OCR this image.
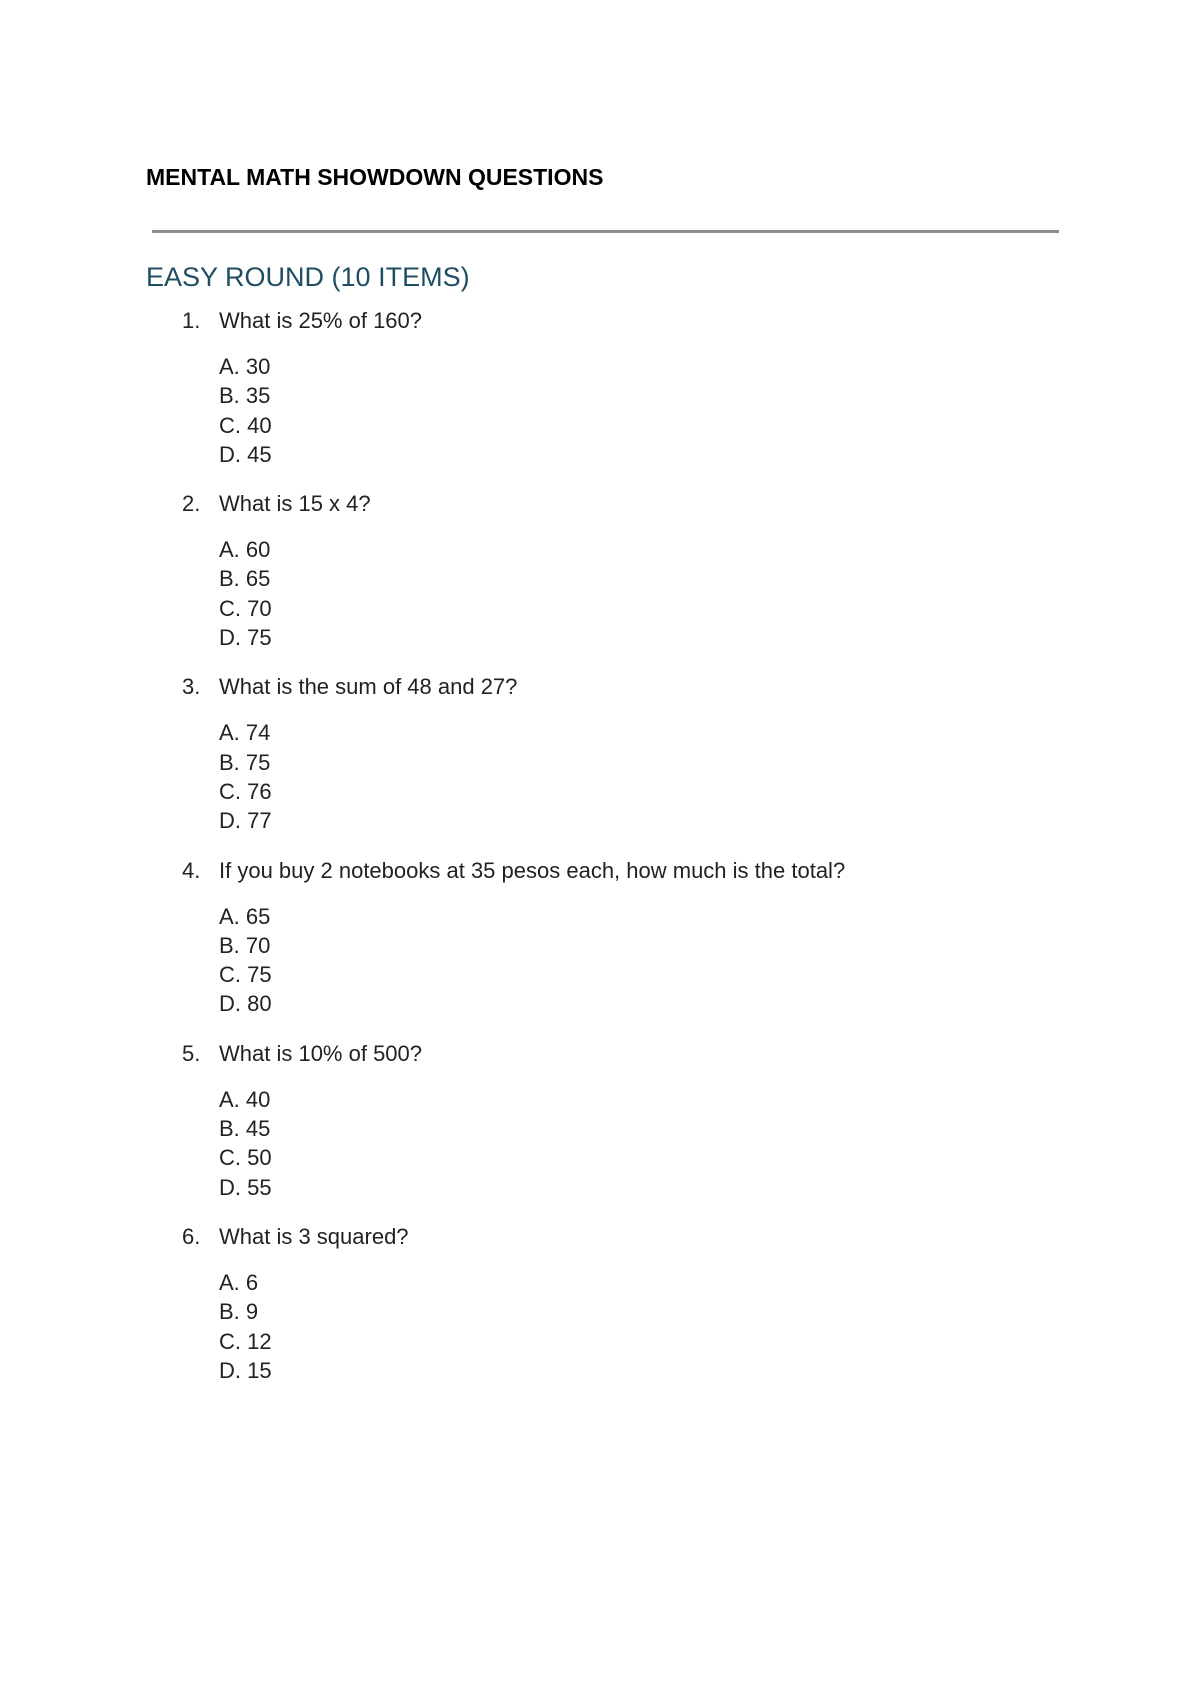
MENTAL MATH SHOWDOWN QUESTIONS
EASY ROUND (10 ITEMS)
1. What is 25% of 160?
A. 30
B. 35
C. 40
D. 45
2. What is 15 x 4?
A. 60
B. 65
C. 70
D. 75
3. What is the sum of 48 and 27?
A. 74
B. 75
C. 76
D. 77
4. If you buy 2 notebooks at 35 pesos each, how much is the total?
A. 65
B. 70
C. 75
D. 80
5. What is 10% of 500?
A. 40
B. 45
C. 50
D. 55
6. What is 3 squared?
A. 6
B. 9
C. 12
D. 15
